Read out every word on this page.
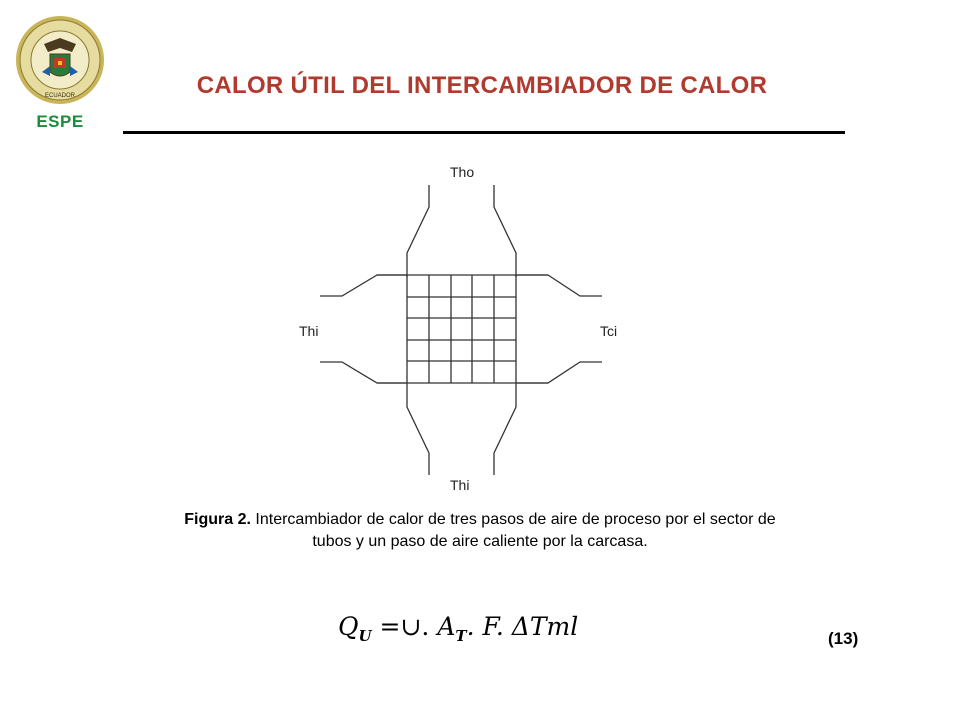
ECUADOR
ESPE
CALOR ÚTIL DEL INTERCAMBIADOR DE CALOR
Tho
Thi	Tci
Thi
Figura 2. Intercambiador de calor de tres pasos de aire de proceso por el sector de
tubos y un paso de aire caliente por la carcasa.
$Q_U$ =∪. $A_T$. F. ΔTml	(13)
